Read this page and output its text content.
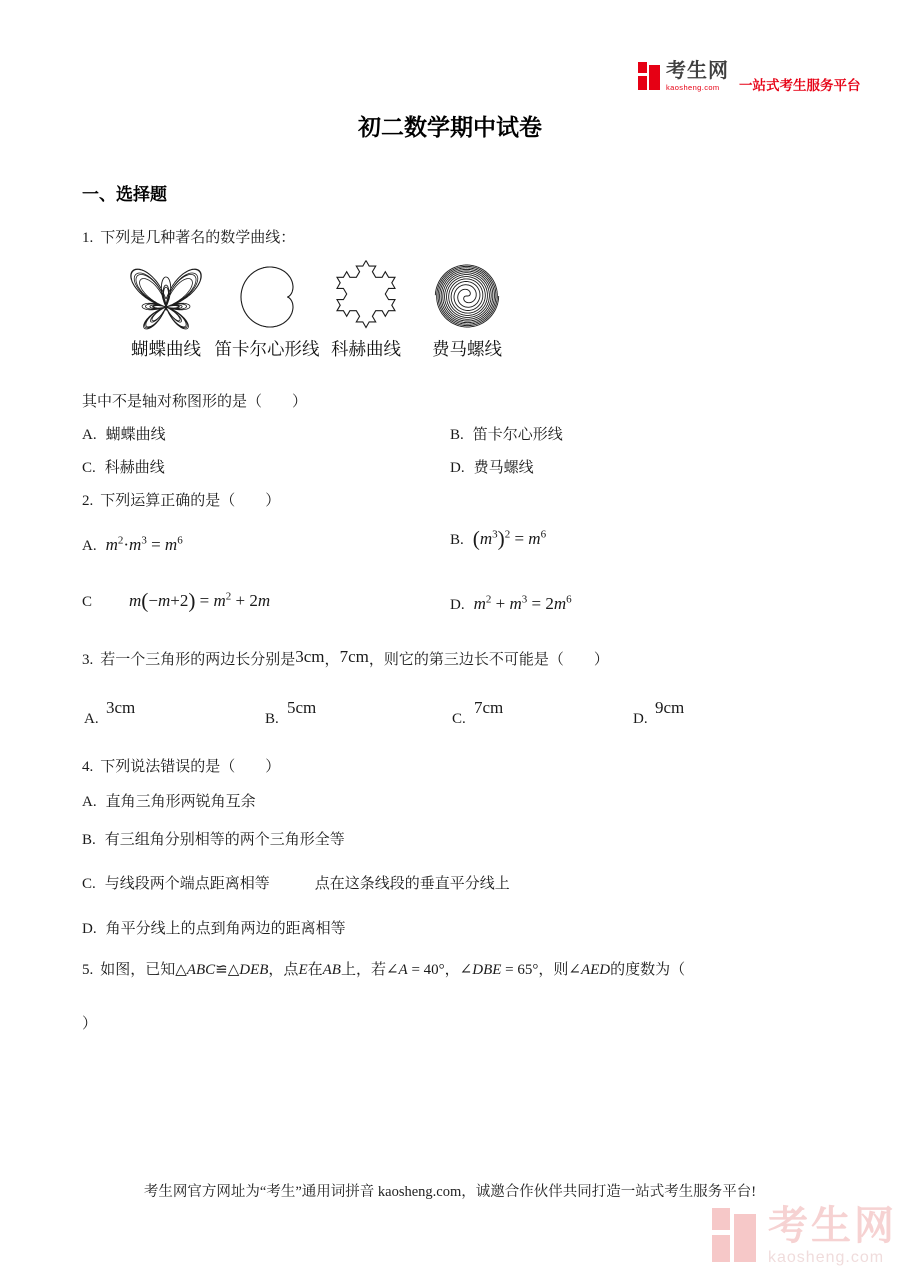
考生网
kaosheng.com	一站式考生服务平台
初二数学期中试卷
一、选择题
1. 下列是几种著名的数学曲线：
蝴蝶曲线 笛卡尔心形线 科赫曲线	费马螺线
其中不是轴对称图形的是（　　）
A. 蝴蝶曲线	B. 笛卡尔心形线
C. 科赫曲线	D. 费马螺线
2. 下列运算正确的是（　　）
A. $m^2\cdot m^3 = m^6$	B. $(m^3)^2 = m^6$
C $m(-m+2) = m^2 + 2m$	D. $m^2 + m^3 = 2m^6$
3. 若一个三角形的两边长分别是3cm，7cm，则它的第三边长不可能是（　　）
A.
3cm
B.
5cm
C.
7cm
D.
9cm
4. 下列说法错误的是（　　）
A. 直角三角形两锐角互余
B. 有三组角分别相等的两个三角形全等
C. 与线段两个端点距离相等　　　点在这条线段的垂直平分线上
D. 角平分线上的点到角两边的距离相等
5. 如图，已知△ABC≌△DEB，点E在AB上，若∠A = 40°，∠DBE = 65°，则∠AED的度数为（
）
考生网官方网址为“考生”通用词拼音 kaosheng.com，诚邀合作伙伴共同打造一站式考生服务平台!
考生网
kaosheng.com
